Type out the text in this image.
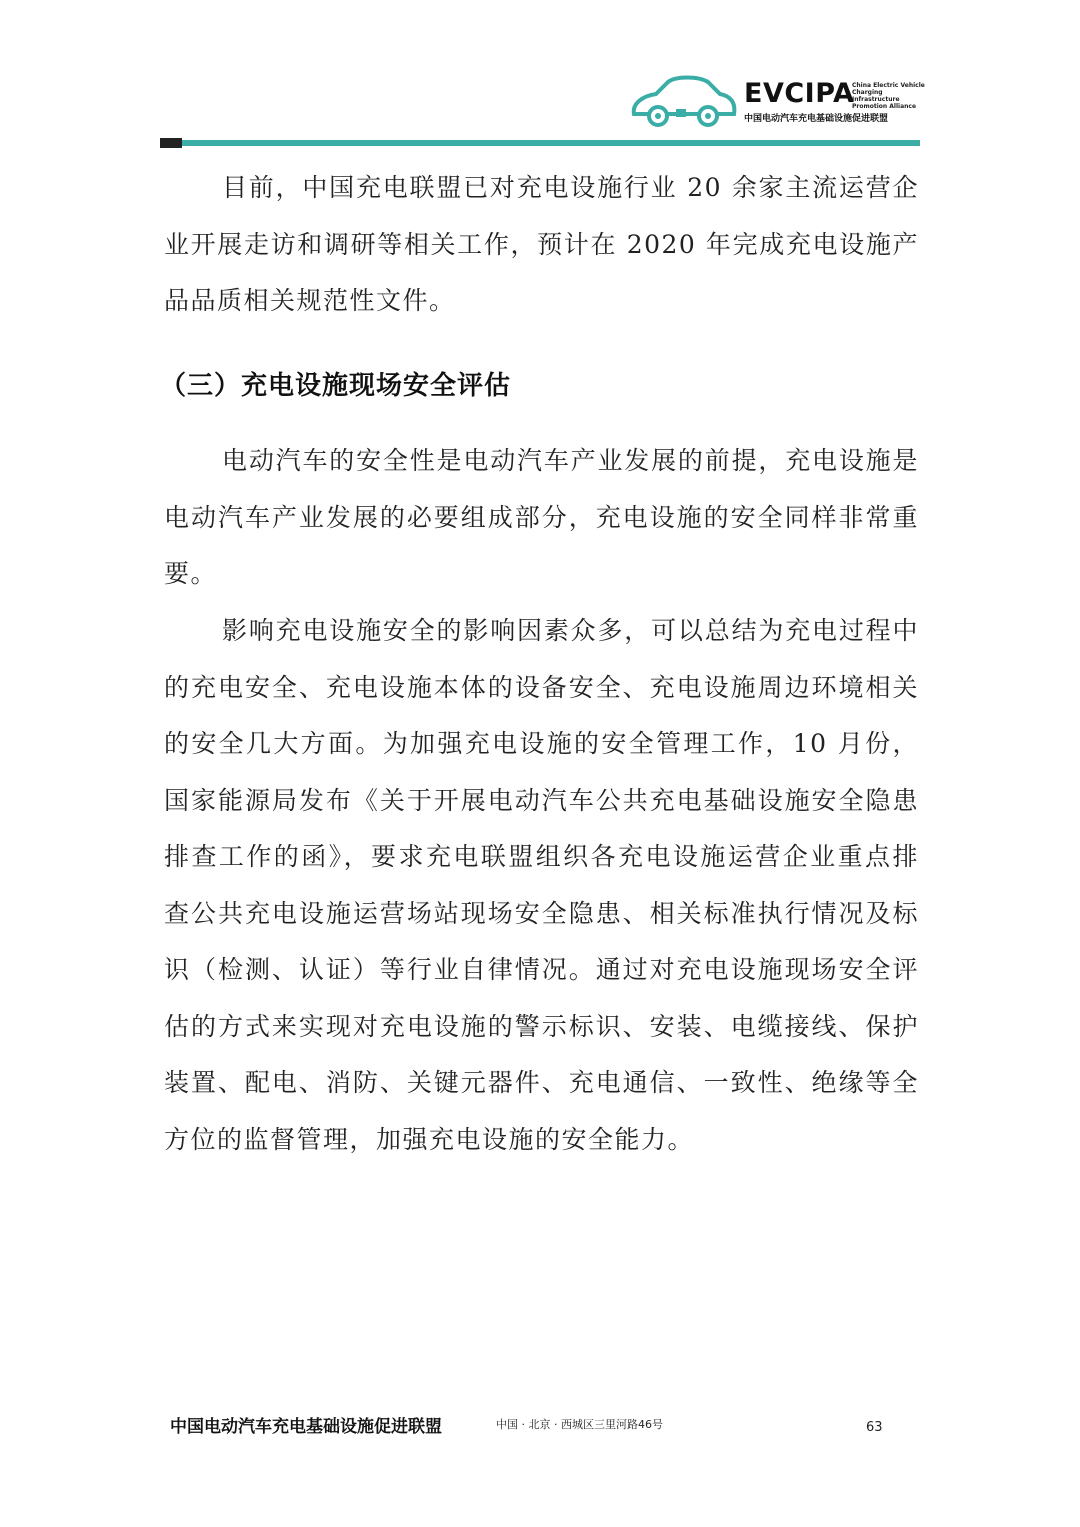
EVCIPA
China Electric Vehicle Charging Infrastructure Promotion Alliance
中国电动汽车充电基础设施促进联盟

目前，中国充电联盟已对充电设施行业 20 余家主流运营企业开展走访和调研等相关工作，预计在 2020 年完成充电设施产品品质相关规范性文件。

（三）充电设施现场安全评估

电动汽车的安全性是电动汽车产业发展的前提，充电设施是电动汽车产业发展的必要组成部分，充电设施的安全同样非常重要。

影响充电设施安全的影响因素众多，可以总结为充电过程中的充电安全、充电设施本体的设备安全、充电设施周边环境相关的安全几大方面。为加强充电设施的安全管理工作，10 月份，国家能源局发布《关于开展电动汽车公共充电基础设施安全隐患排查工作的函》，要求充电联盟组织各充电设施运营企业重点排查公共充电设施运营场站现场安全隐患、相关标准执行情况及标识（检测、认证）等行业自律情况。通过对充电设施现场安全评估的方式来实现对充电设施的警示标识、安装、电缆接线、保护装置、配电、消防、关键元器件、充电通信、一致性、绝缘等全方位的监督管理，加强充电设施的安全能力。

中国电动汽车充电基础设施促进联盟	中国 · 北京 · 西城区三里河路46号	63
